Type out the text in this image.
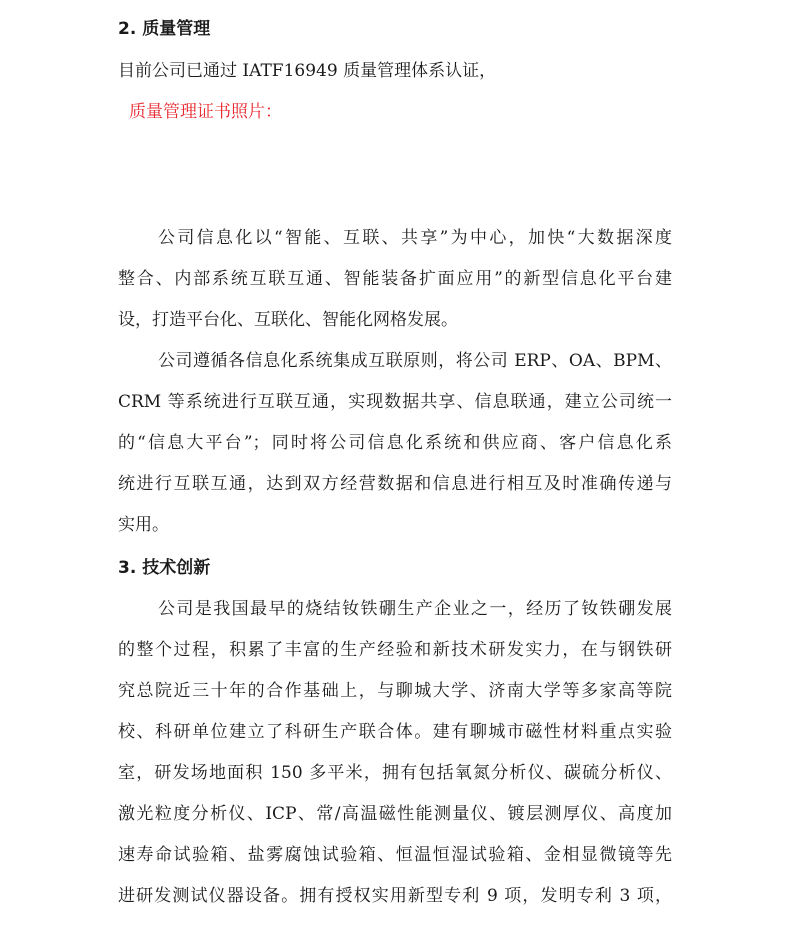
2. 质量管理
目前公司已通过 IATF16949 质量管理体系认证，
质量管理证书照片：
公司信息化以“智能、互联、共享”为中心，加快“大数据深度
整合、内部系统互联互通、智能装备扩面应用”的新型信息化平台建
设，打造平台化、互联化、智能化网格发展。
公司遵循各信息化系统集成互联原则，将公司 ERP、OA、BPM、
CRM 等系统进行互联互通，实现数据共享、信息联通，建立公司统一
的“信息大平台”；同时将公司信息化系统和供应商、客户信息化系
统进行互联互通，达到双方经营数据和信息进行相互及时准确传递与
实用。
3. 技术创新
公司是我国最早的烧结钕铁硼生产企业之一，经历了钕铁硼发展
的整个过程，积累了丰富的生产经验和新技术研发实力，在与钢铁研
究总院近三十年的合作基础上，与聊城大学、济南大学等多家高等院
校、科研单位建立了科研生产联合体。建有聊城市磁性材料重点实验
室，研发场地面积 150 多平米，拥有包括氧氮分析仪、碳硫分析仪、
激光粒度分析仪、ICP、常/高温磁性能测量仪、镀层测厚仪、高度加
速寿命试验箱、盐雾腐蚀试验箱、恒温恒湿试验箱、金相显微镜等先
进研发测试仪器设备。拥有授权实用新型专利 9 项，发明专利 3 项，
